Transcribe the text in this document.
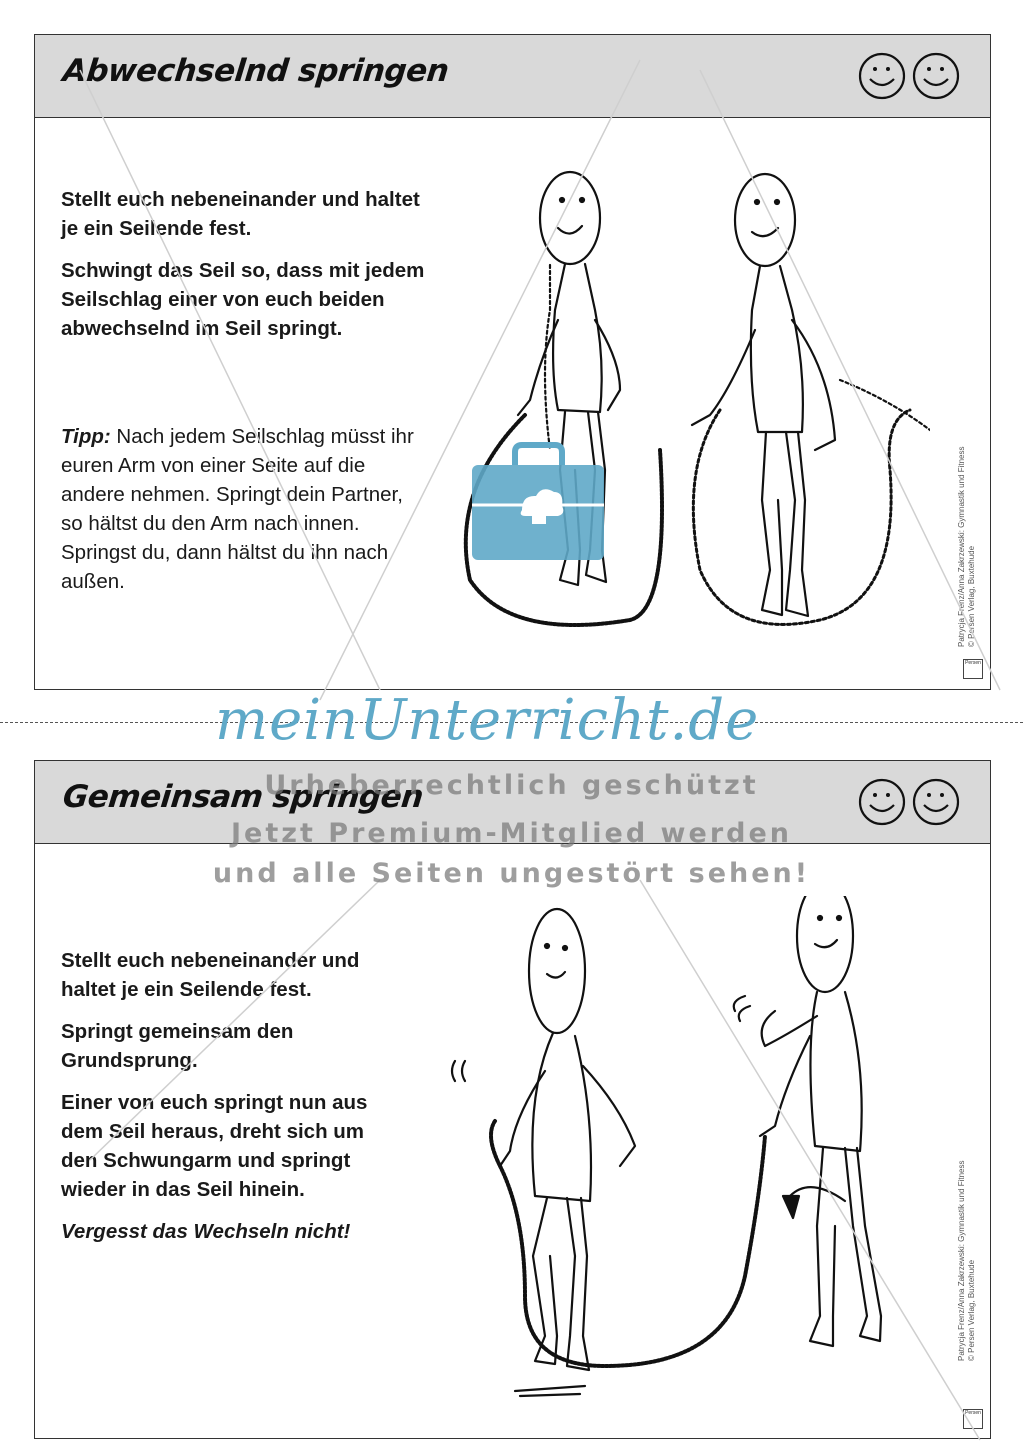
Abwechselnd springen

Stellt euch nebeneinander und haltet je ein Seilende fest.

Schwingt das Seil so, dass mit jedem Seilschlag einer von euch beiden abwechselnd im Seil springt.

Tipp: Nach jedem Seilschlag müsst ihr euren Arm von einer Seite auf die andere nehmen. Springt dein Partner, so hältst du den Arm nach innen. Springst du, dann hältst du ihn nach außen.	Patrycja Frenz/Anna Zakrzewski: Gymnastik und Fitness © Persen Verlag, Buxtehude
Persen
Gemeinsam springen

Stellt euch nebeneinander und haltet je ein Seilende fest.

Springt gemeinsam den Grundsprung.

Einer von euch springt nun aus dem Seil heraus, dreht sich um den Schwungarm und springt wieder in das Seil hinein.

Vergesst das Wechseln nicht!	Patrycja Frenz/Anna Zakrzewski: Gymnastik und Fitness © Persen Verlag, Buxtehude
Persen
meinUnterricht.de
Urheberrechtlich geschützt
Jetzt Premium-Mitglied werden
und alle Seiten ungestört sehen!
